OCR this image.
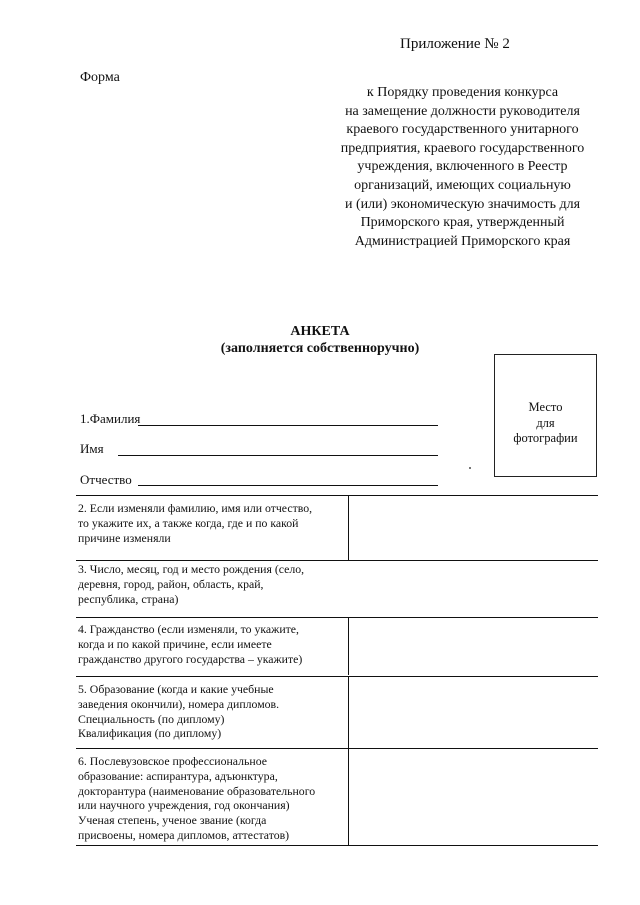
Приложение № 2
Форма
к Порядку проведения конкурса
на замещение должности руководителя
краевого государственного унитарного
предприятия, краевого государственного
учреждения, включенного в Реестр
организаций, имеющих социальную
и (или) экономическую значимость для
Приморского края, утвержденный
Администрацией Приморского края
АНКЕТА
(заполняется собственноручно)
Место
для
фотографии
1.Фамилия
Имя
Отчество
2. Если изменяли фамилию, имя или отчество,
то укажите их, а также когда, где и по какой
причине изменяли
3. Число, месяц, год и место рождения (село,
деревня, город, район, область, край,
республика, страна)
4. Гражданство (если изменяли, то укажите,
когда и по какой причине, если имеете
гражданство другого государства – укажите)
5. Образование (когда и какие учебные
заведения окончили), номера дипломов.
Специальность (по диплому)
Квалификация (по диплому)
6. Послевузовское профессиональное
образование: аспирантура, адъюнктура,
докторантура (наименование образовательного
или научного учреждения, год окончания)
Ученая степень, ученое звание (когда
присвоены, номера дипломов, аттестатов)
